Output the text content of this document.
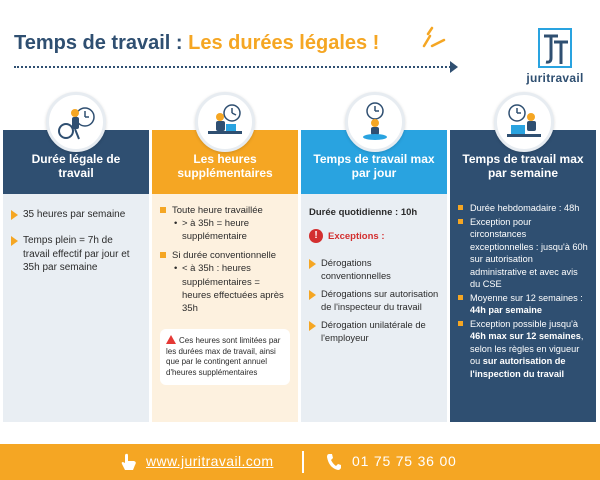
Temps de travail : Les durées légales !
juritravail
Durée légale de travail
35 heures par semaine
Temps plein = 7h de travail effectif par jour et 35h par semaine
Les heures supplémentaires
Toute heure travaillée
• > à 35h = heure supplémentaire
Si durée conventionnelle
• < à 35h : heures supplémentaires = heures effectuées après 35h
Ces heures sont limitées par les durées max de travail, ainsi que par le contingent annuel d'heures supplémentaires
Temps de travail max par jour
Durée quotidienne : 10h
!	Exceptions :
Dérogations conventionnelles
Dérogations sur autorisation de l'inspecteur du travail
Dérogation unilatérale de l'employeur
Temps de travail max par semaine
Durée hebdomadaire : 48h
Exception pour circonstances exceptionnelles : jusqu'à 60h sur autorisation administrative et avec avis du CSE
Moyenne sur 12 semaines : 44h par semaine
Exception possible jusqu'à 46h max sur 12 semaines, selon les règles en vigueur ou sur autorisation de l'inspection du travail
www.juritravail.com	01 75 75 36 00
